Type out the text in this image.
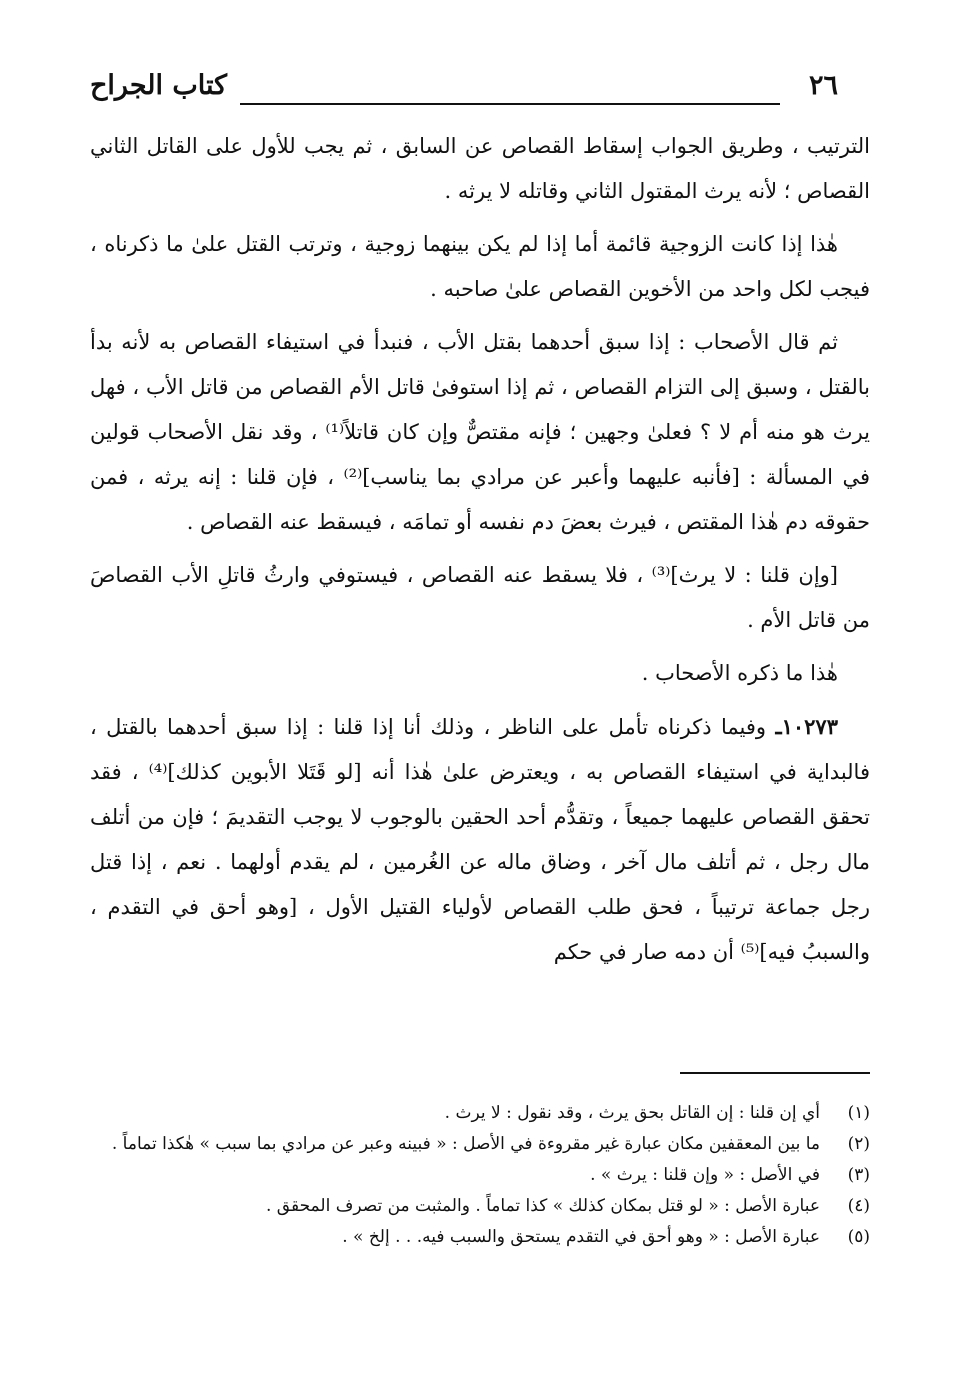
٢٦
كتاب الجراح

الترتيب ، وطريق الجواب إسقاط القصاص عن السابق ، ثم يجب للأول على القاتل الثاني القصاص ؛ لأنه يرث المقتول الثاني وقاتله لا يرثه .

هٰذا إذا كانت الزوجية قائمة أما إذا لم يكن بينهما زوجية ، وترتب القتل علىٰ ما ذكرناه ، فيجب لكل واحد من الأخوين القصاص علىٰ صاحبه .

ثم قال الأصحاب : إذا سبق أحدهما بقتل الأب ، فنبدأ في استيفاء القصاص به لأنه بدأ بالقتل ، وسبق إلى التزام القصاص ، ثم إذا استوفىٰ قاتل الأم القصاص من قاتل الأب ، فهل يرث هو منه أم لا ؟ فعلىٰ وجهين ؛ فإنه مقتصٌّ وإن كان قاتلاً⁽¹⁾ ، وقد نقل الأصحاب قولين في المسألة : [فأنبه عليهما وأعبر عن مرادي بما يناسب]⁽²⁾ ، فإن قلنا : إنه يرثه ، فمن حقوقه دم هٰذا المقتص ، فيرث بعضَ دم نفسه أو تمامَه ، فيسقط عنه القصاص .

[وإن قلنا : لا يرث]⁽³⁾ ، فلا يسقط عنه القصاص ، فيستوفي وارثُ قاتلِ الأب القصاصَ من قاتل الأم .

هٰذا ما ذكره الأصحاب .

١٠٢٧٣ـ وفيما ذكرناه تأمل على الناظر ، وذلك أنا إذا قلنا : إذا سبق أحدهما بالقتل ، فالبداية في استيفاء القصاص به ، ويعترض علىٰ هٰذا أنه [لو قَتَلا الأبوين كذلك]⁽⁴⁾ ، فقد تحقق القصاص عليهما جميعاً ، وتقدُّم أحد الحقين بالوجوب لا يوجب التقديمَ ؛ فإن من أتلف مال رجل ، ثم أتلف مال آخر ، وضاق ماله عن الغُرمين ، لم يقدم أولهما . نعم ، إذا قتل رجل جماعة ترتيباً ، فحق طلب القصاص لأولياء القتيل الأول ، [وهو أحق في التقدم ، والسببُ فيه]⁽⁵⁾ أن دمه صار في حكم

(١)
أي إن قلنا : إن القاتل بحق يرث ، وقد نقول : لا يرث .
(٢)
ما بين المعقفين مكان عبارة غير مقروءة في الأصل : « فبينه وعبر عن مرادي بما سبب » هٰكذا تماماً .
(٣)
في الأصل : « وإن قلنا : يرث » .
(٤)
عبارة الأصل : « لو قتل بمكان كذلك » كذا تماماً . والمثبت من تصرف المحقق .
(٥)
عبارة الأصل : « وهو أحق في التقدم يستحق والسبب فيه. . . إلخ » .
